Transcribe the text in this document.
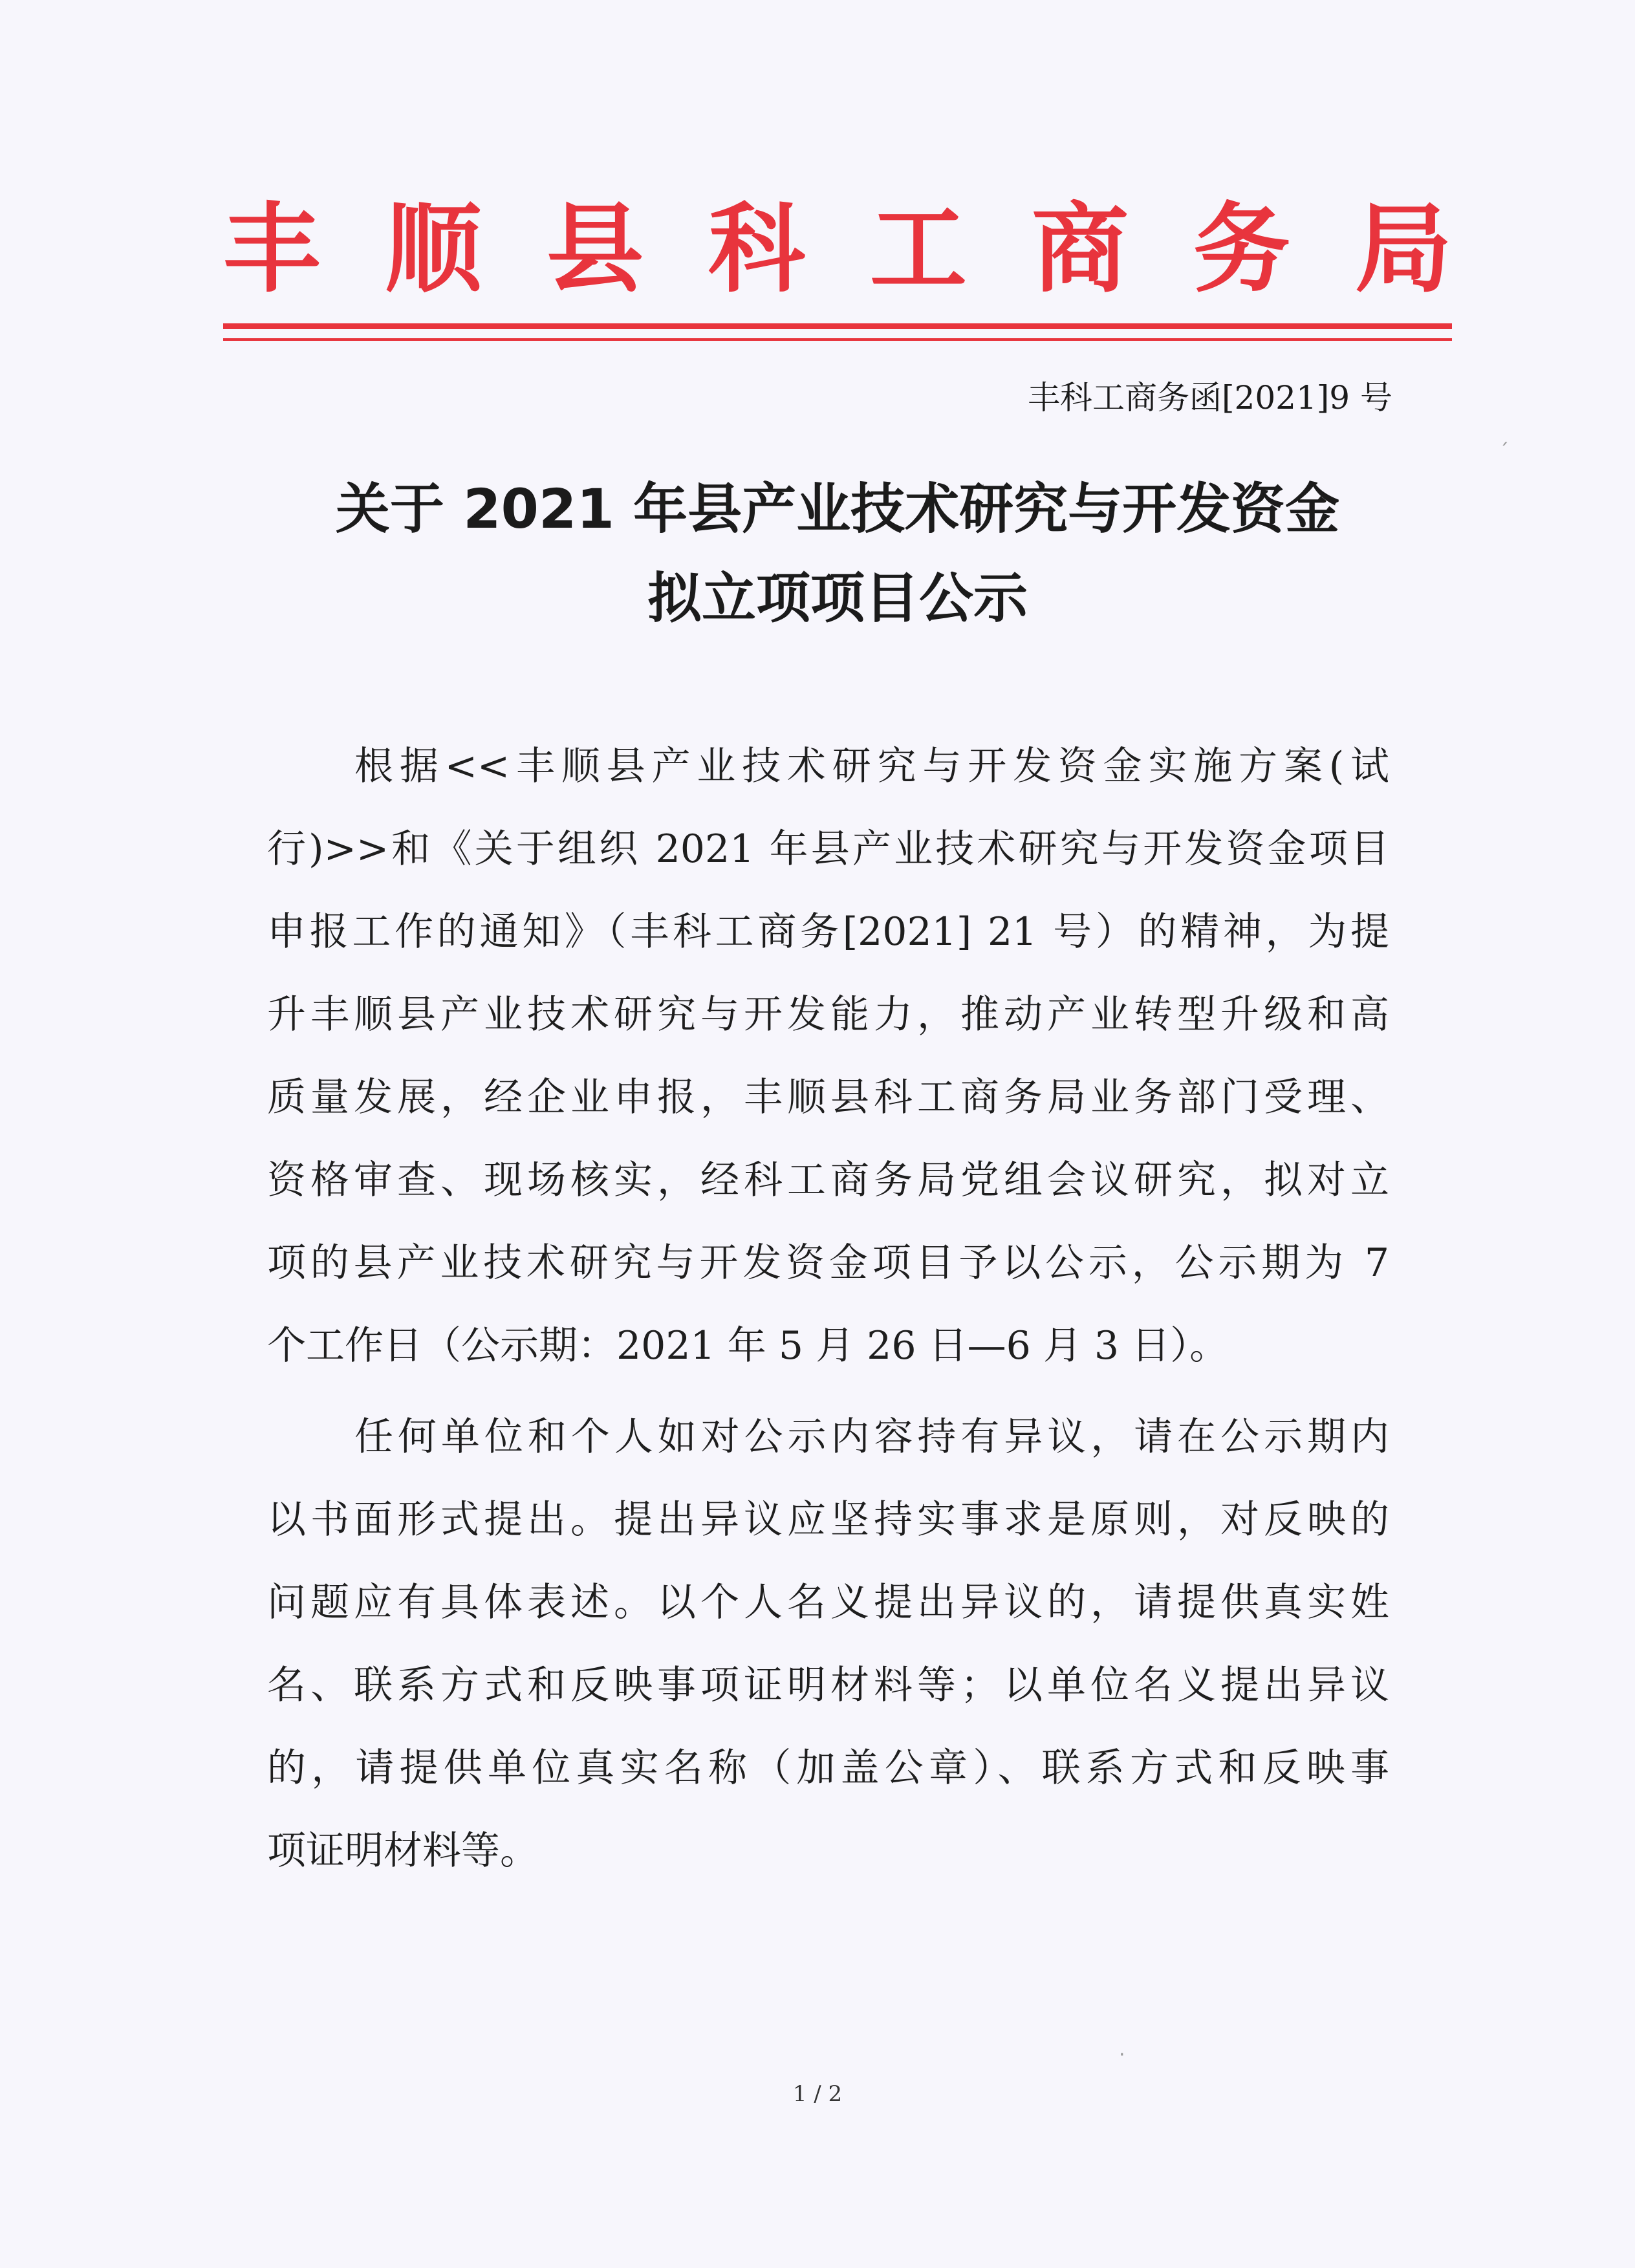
丰 顺 县 科 工 商 务 局
丰科工商务函[2021]9 号
关于 2021 年县产业技术研究与开发资金
拟立项项目公示
根据<<丰顺县产业技术研究与开发资金实施方案(试
行)>>和《关于组织 2021 年县产业技术研究与开发资金项目
申报工作的通知》（丰科工商务[2021] 21 号）的精神，为提
升丰顺县产业技术研究与开发能力，推动产业转型升级和高
质量发展，经企业申报，丰顺县科工商务局业务部门受理、
资格审查、现场核实，经科工商务局党组会议研究，拟对立
项的县产业技术研究与开发资金项目予以公示，公示期为 7
个工作日（公示期：2021 年 5 月 26 日—6 月 3 日）。
任何单位和个人如对公示内容持有异议，请在公示期内
以书面形式提出。提出异议应坚持实事求是原则，对反映的
问题应有具体表述。以个人名义提出异议的，请提供真实姓
名、联系方式和反映事项证明材料等；以单位名义提出异议
的，请提供单位真实名称（加盖公章）、联系方式和反映事
项证明材料等。
1 / 2
ˏ
·
